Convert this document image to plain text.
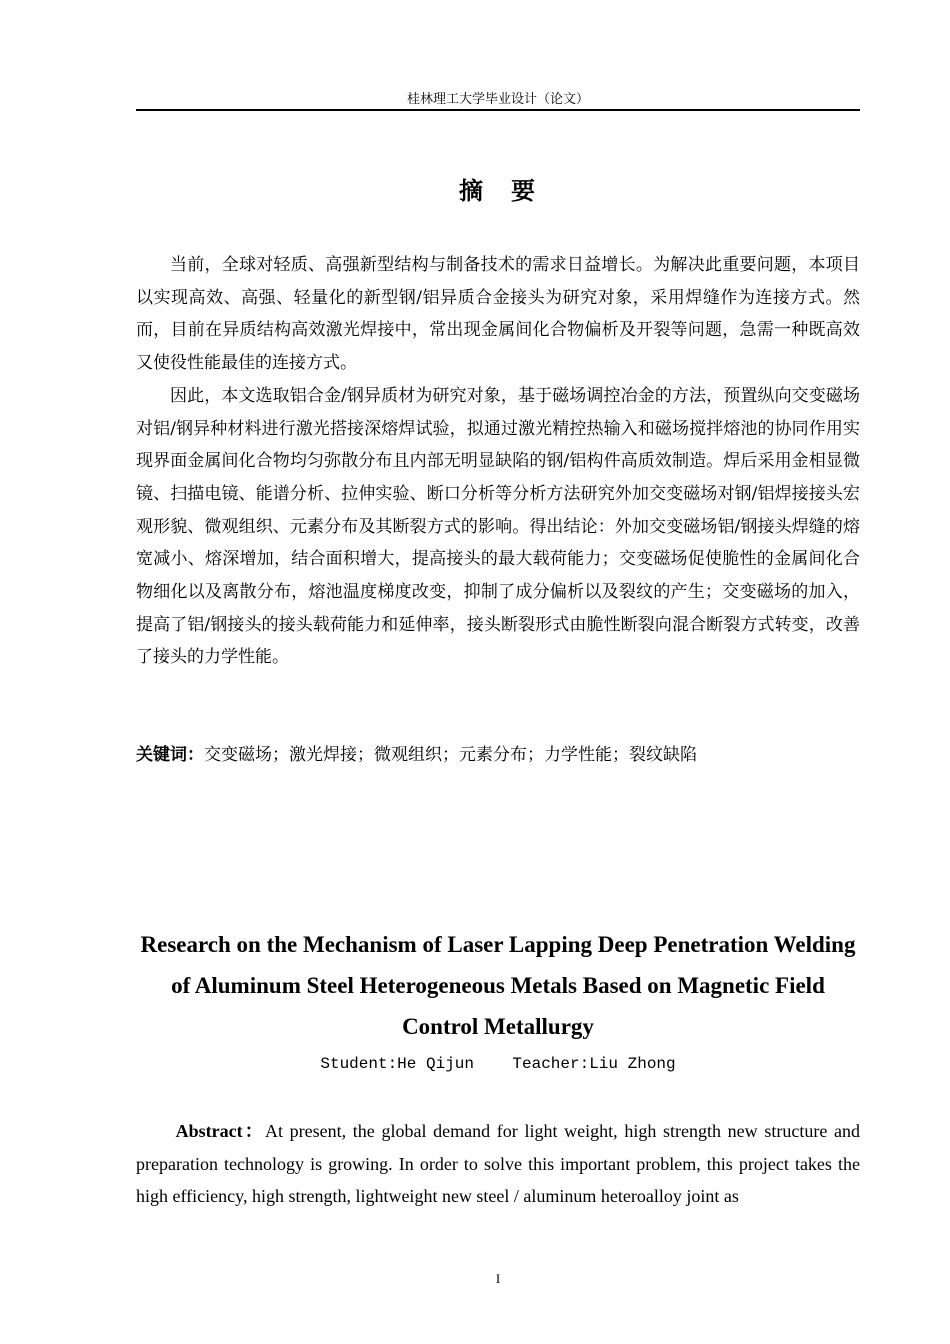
桂林理工大学毕业设计（论文）
摘　要

当前，全球对轻质、高强新型结构与制备技术的需求日益增长。为解决此重要问题，本项目以实现高效、高强、轻量化的新型钢/铝异质合金接头为研究对象，采用焊缝作为连接方式。然而，目前在异质结构高效激光焊接中，常出现金属间化合物偏析及开裂等问题，急需一种既高效又使役性能最佳的连接方式。

因此，本文选取铝合金/钢异质材为研究对象，基于磁场调控冶金的方法，预置纵向交变磁场对铝/钢异种材料进行激光搭接深熔焊试验，拟通过激光精控热输入和磁场搅拌熔池的协同作用实现界面金属间化合物均匀弥散分布且内部无明显缺陷的钢/铝构件高质效制造。焊后采用金相显微镜、扫描电镜、能谱分析、拉伸实验、断口分析等分析方法研究外加交变磁场对钢/铝焊接接头宏观形貌、微观组织、元素分布及其断裂方式的影响。得出结论：外加交变磁场铝/钢接头焊缝的熔宽减小、熔深增加，结合面积增大，提高接头的最大载荷能力；交变磁场促使脆性的金属间化合物细化以及离散分布，熔池温度梯度改变，抑制了成分偏析以及裂纹的产生；交变磁场的加入，提高了铝/钢接头的接头载荷能力和延伸率，接头断裂形式由脆性断裂向混合断裂方式转变，改善了接头的力学性能。

关键词：交变磁场；激光焊接；微观组织；元素分布；力学性能；裂纹缺陷
Research on the Mechanism of Laser Lapping Deep Penetration Welding of Aluminum Steel Heterogeneous Metals Based on Magnetic Field Control Metallurgy
Student:He Qijun    Teacher:Liu Zhong

Abstract：At present, the global demand for light weight, high strength new structure and preparation technology is growing. In order to solve this important problem, this project takes the high efficiency, high strength, lightweight new steel / aluminum heteroalloy joint as

I
